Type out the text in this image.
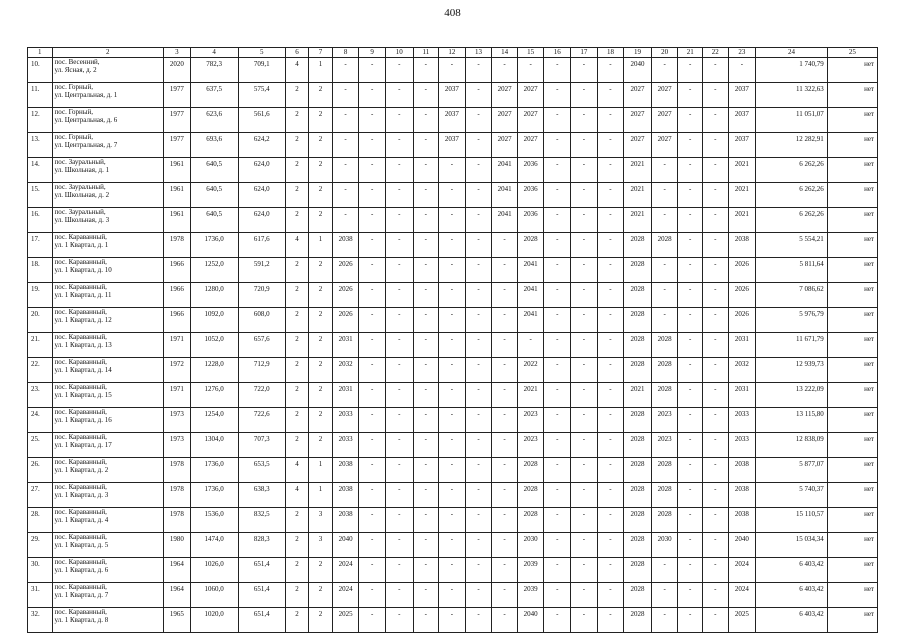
408
1	2	3	4	5	6	7	8	9	10	11	12	13	14	15	16	17	18	19	20	21	22	23	24	25
10.	пос. Весенний,
ул. Ясная, д. 2	2020	782,3	709,1	4	1	-	-	-	-	-	-	-	-	-	-	-	2040	-	-	-	-	1 740,79	нет
11.	пос. Горный,
ул. Центральная, д. 1	1977	637,5	575,4	2	2	-	-	-	-	2037	-	2027	2027	-	-	-	2027	2027	-	-	2037	11 322,63	нет
12.	пос. Горный,
ул. Центральная, д. 6	1977	623,6	561,6	2	2	-	-	-	-	2037	-	2027	2027	-	-	-	2027	2027	-	-	2037	11 051,07	нет
13.	пос. Горный,
ул. Центральная, д. 7	1977	693,6	624,2	2	2	-	-	-	-	2037	-	2027	2027	-	-	-	2027	2027	-	-	2037	12 282,91	нет
14.	пос. Зауральный,
ул. Школьная, д. 1	1961	640,5	624,0	2	2	-	-	-	-	-	-	2041	2036	-	-	-	2021	-	-	-	2021	6 262,26	нет
15.	пос. Зауральный,
ул. Школьная, д. 2	1961	640,5	624,0	2	2	-	-	-	-	-	-	2041	2036	-	-	-	2021	-	-	-	2021	6 262,26	нет
16.	пос. Зауральный,
ул. Школьная, д. 3	1961	640,5	624,0	2	2	-	-	-	-	-	-	2041	2036	-	-	-	2021	-	-	-	2021	6 262,26	нет
17.	пос. Караванный,
ул. 1 Квартал, д. 1	1978	1736,0	617,6	4	1	2038	-	-	-	-	-	-	2028	-	-	-	2028	2028	-	-	2038	5 554,21	нет
18.	пос. Караванный,
ул. 1 Квартал, д. 10	1966	1252,0	591,2	2	2	2026	-	-	-	-	-	-	2041	-	-	-	2028	-	-	-	2026	5 811,64	нет
19.	пос. Караванный,
ул. 1 Квартал, д. 11	1966	1280,0	720,9	2	2	2026	-	-	-	-	-	-	2041	-	-	-	2028	-	-	-	2026	7 086,62	нет
20.	пос. Караванный,
ул. 1 Квартал, д. 12	1966	1092,0	608,0	2	2	2026	-	-	-	-	-	-	2041	-	-	-	2028	-	-	-	2026	5 976,79	нет
21.	пос. Караванный,
ул. 1 Квартал, д. 13	1971	1052,0	657,6	2	2	2031	-	-	-	-	-	-	-	-	-	-	2028	2028	-	-	2031	11 671,79	нет
22.	пос. Караванный,
ул. 1 Квартал, д. 14	1972	1228,0	712,9	2	2	2032	-	-	-	-	-	-	2022	-	-	-	2028	2028	-	-	2032	12 939,73	нет
23.	пос. Караванный,
ул. 1 Квартал, д. 15	1971	1276,0	722,0	2	2	2031	-	-	-	-	-	-	2021	-	-	-	2021	2028	-	-	2031	13 222,09	нет
24.	пос. Караванный,
ул. 1 Квартал, д. 16	1973	1254,0	722,6	2	2	2033	-	-	-	-	-	-	2023	-	-	-	2028	2023	-	-	2033	13 115,80	нет
25.	пос. Караванный,
ул. 1 Квартал, д. 17	1973	1304,0	707,3	2	2	2033	-	-	-	-	-	-	2023	-	-	-	2028	2023	-	-	2033	12 838,09	нет
26.	пос. Караванный,
ул. 1 Квартал, д. 2	1978	1736,0	653,5	4	1	2038	-	-	-	-	-	-	2028	-	-	-	2028	2028	-	-	2038	5 877,07	нет
27.	пос. Караванный,
ул. 1 Квартал, д. 3	1978	1736,0	638,3	4	1	2038	-	-	-	-	-	-	2028	-	-	-	2028	2028	-	-	2038	5 740,37	нет
28.	пос. Караванный,
ул. 1 Квартал, д. 4	1978	1536,0	832,5	2	3	2038	-	-	-	-	-	-	2028	-	-	-	2028	2028	-	-	2038	15 110,57	нет
29.	пос. Караванный,
ул. 1 Квартал, д. 5	1980	1474,0	828,3	2	3	2040	-	-	-	-	-	-	2030	-	-	-	2028	2030	-	-	2040	15 034,34	нет
30.	пос. Караванный,
ул. 1 Квартал, д. 6	1964	1026,0	651,4	2	2	2024	-	-	-	-	-	-	2039	-	-	-	2028	-	-	-	2024	6 403,42	нет
31.	пос. Караванный,
ул. 1 Квартал, д. 7	1964	1060,0	651,4	2	2	2024	-	-	-	-	-	-	2039	-	-	-	2028	-	-	-	2024	6 403,42	нет
32.	пос. Караванный,
ул. 1 Квартал, д. 8	1965	1020,0	651,4	2	2	2025	-	-	-	-	-	-	2040	-	-	-	2028	-	-	-	2025	6 403,42	нет
